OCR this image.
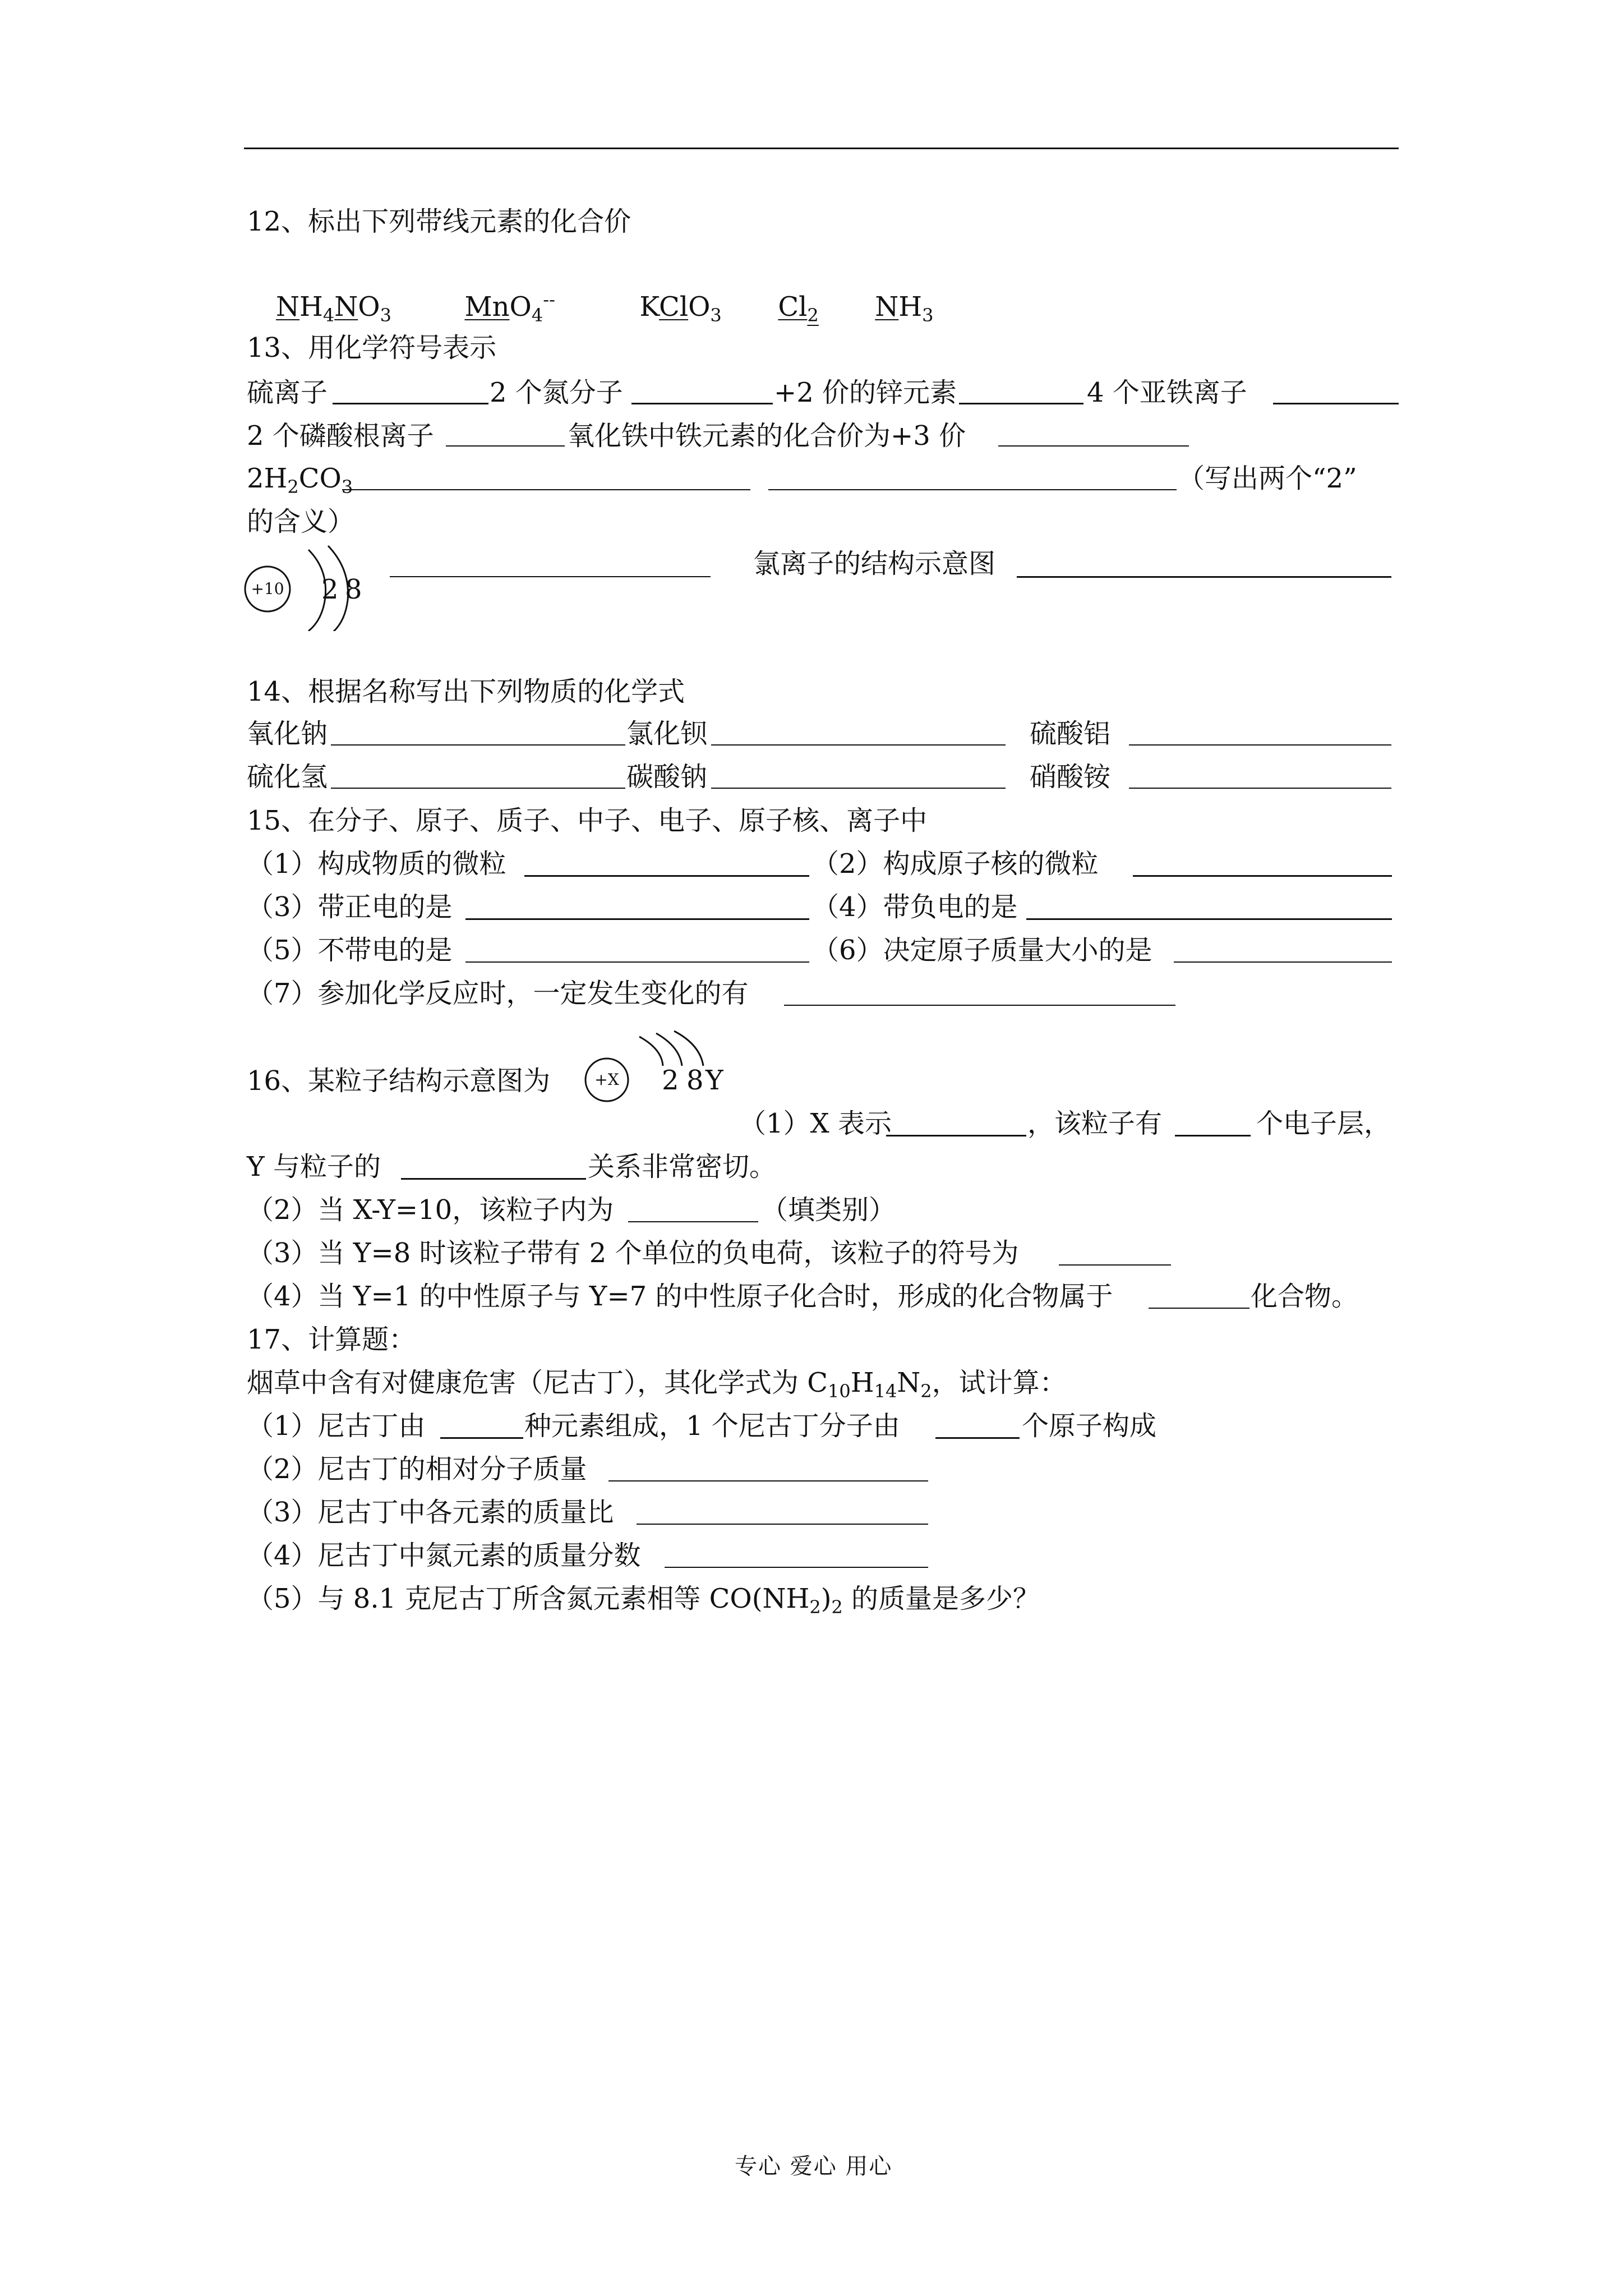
12、标出下列带线元素的化合价
$NH_4NO_3$	MnO$_4$--	KClO$_3$ $Cl_2$ $NH_3$
13、用化学符号表示
硫离子	2 个氮分子	+2 价的锌元素	4 个亚铁离子
2 个磷酸根离子	氧化铁中铁元素的化合价为+3 价
$2H_2CO_3$	（写出两个“2”
的含义）
+10 2 8
氯离子的结构示意图
14、根据名称写出下列物质的化学式
氧化钠	氯化钡	硫酸铝
硫化氢	碳酸钠	硝酸铵
15、在分子、原子、质子、中子、电子、原子核、离子中
（1）构成物质的微粒	（2）构成原子核的微粒
（3）带正电的是	（4）带负电的是
（5）不带电的是	（6）决定原子质量大小的是
（7）参加化学反应时，一定发生变化的有
16、某粒子结构示意图为	+X 2 8 Y
（1）X 表示	，该粒子有	个电子层，
Y 与粒子的	关系非常密切。
（2）当 X-Y=10，该粒子内为	（填类别）
（3）当 Y=8 时该粒子带有 2 个单位的负电荷，该粒子的符号为
（4）当 Y=1 的中性原子与 Y=7 的中性原子化合时，形成的化合物属于	化合物。
17、计算题：
烟草中含有对健康危害（尼古丁），其化学式为 $C_{10}H_{14}N_2$，试计算：
（1）尼古丁由	种元素组成，1 个尼古丁分子由	个原子构成
（2）尼古丁的相对分子质量
（3）尼古丁中各元素的质量比
（4）尼古丁中氮元素的质量分数
（5）与 8.1 克尼古丁所含氮元素相等 $CO(NH_2)_2$ 的质量是多少？
专心 爱心 用心
